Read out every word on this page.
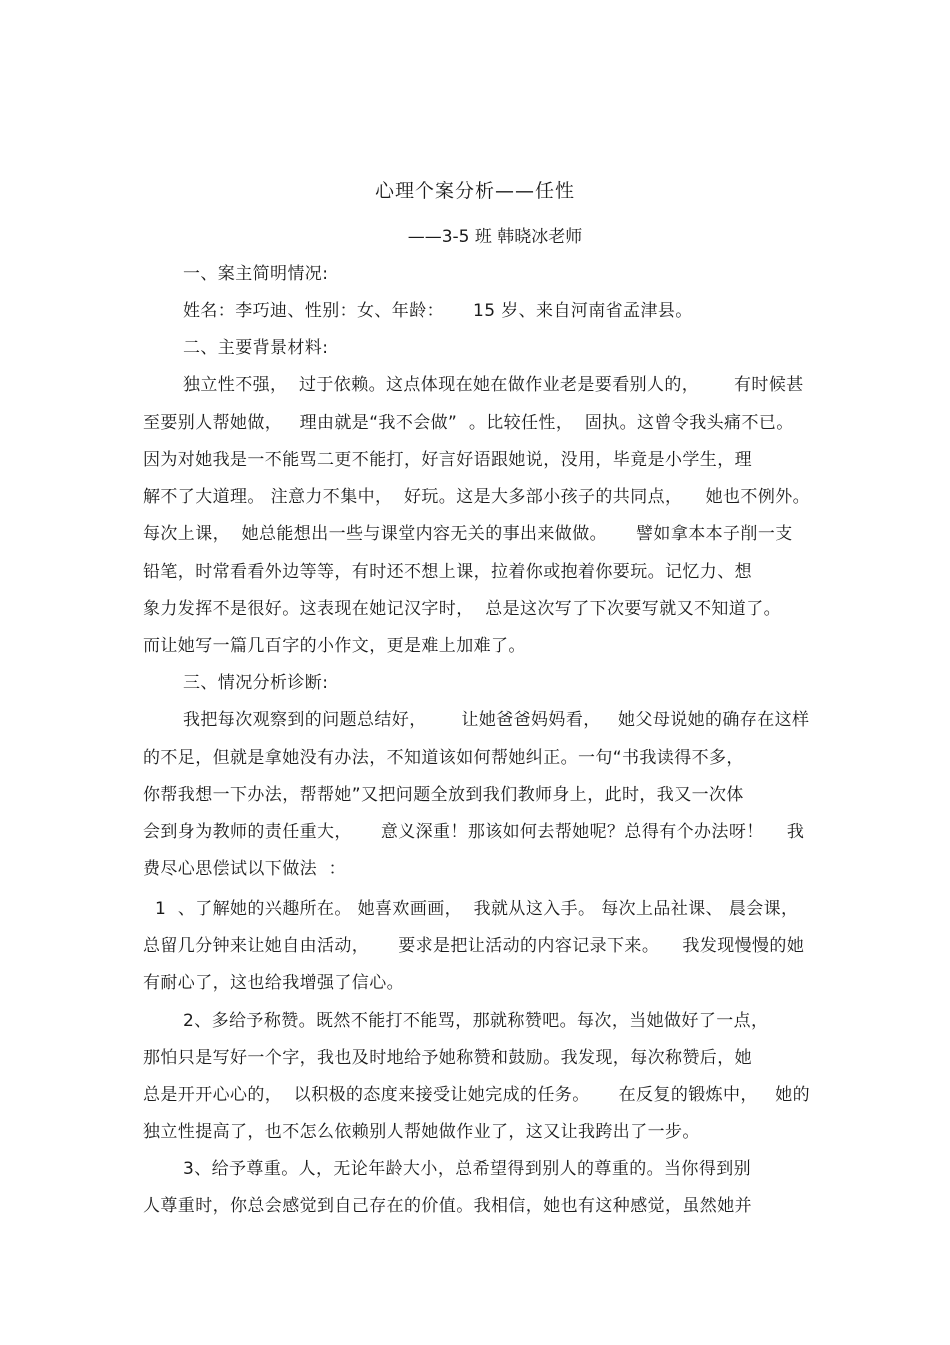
心理个案分析——任性
——3-5 班 韩晓冰老师
一、案主简明情况:
姓名：李巧迪、性别：女、年龄：     15 岁、来自河南省孟津县。
二、主要背景材料:
独立性不强，  过于依赖。这点体现在她在做作业老是要看别人的，      有时候甚
至要别人帮她做，   理由就是“我不会做”  。比较任性，  固执。这曾令我头痛不已。
因为对她我是一不能骂二更不能打，好言好语跟她说，没用，毕竟是小学生，理
解不了大道理。 注意力不集中，  好玩。这是大多部小孩子的共同点，    她也不例外。
每次上课，  她总能想出一些与课堂内容无关的事出来做做。     譬如拿本本子削一支
铅笔，时常看看外边等等，有时还不想上课，拉着你或抱着你要玩。记忆力、想
象力发挥不是很好。这表现在她记汉字时，  总是这次写了下次要写就又不知道了。
而让她写一篇几百字的小作文，更是难上加难了。
三、情况分析诊断:
我把每次观察到的问题总结好，      让她爸爸妈妈看，   她父母说她的确存在这样
的不足，但就是拿她没有办法，不知道该如何帮她纠正。一句“书我读得不多，
你帮我想一下办法，帮帮她”又把问题全放到我们教师身上，此时，我又一次体
会到身为教师的责任重大，     意义深重！那该如何去帮她呢？总得有个办法呀！    我
费尽心思偿试以下做法  ：
1  、了解她的兴趣所在。 她喜欢画画，  我就从这入手。 每次上品社课、 晨会课，
总留几分钟来让她自由活动，     要求是把让活动的内容记录下来。    我发现慢慢的她
有耐心了，这也给我增强了信心。
2、多给予称赞。既然不能打不能骂，那就称赞吧。每次，当她做好了一点，
那怕只是写好一个字，我也及时地给予她称赞和鼓励。我发现，每次称赞后，她
总是开开心心的，  以积极的态度来接受让她完成的任务。     在反复的锻炼中，   她的
独立性提高了，也不怎么依赖别人帮她做作业了，这又让我跨出了一步。
3、给予尊重。人，无论年龄大小，总希望得到别人的尊重的。当你得到别
人尊重时，你总会感觉到自己存在的价值。我相信，她也有这种感觉，虽然她并
